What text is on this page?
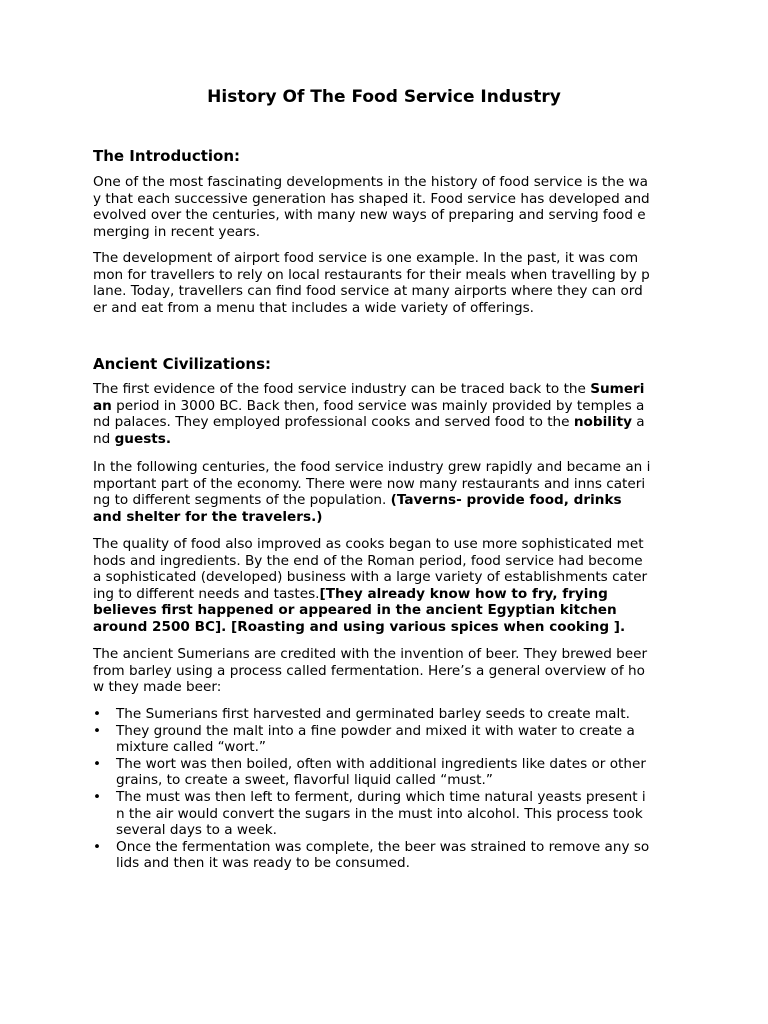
History Of The Food Service Industry
The Introduction:
One of the most fascinating developments in the history of food service is the wa
y that each successive generation has shaped it. Food service has developed and
evolved over the centuries, with many new ways of preparing and serving food e
merging in recent years.
The development of airport food service is one example. In the past, it was com
mon for travellers to rely on local restaurants for their meals when travelling by p
lane. Today, travellers can find food service at many airports where they can ord
er and eat from a menu that includes a wide variety of offerings.
Ancient Civilizations:
The first evidence of the food service industry can be traced back to the Sumeri
an period in 3000 BC. Back then, food service was mainly provided by temples a
nd palaces. They employed professional cooks and served food to the nobility a
nd guests.
In the following centuries, the food service industry grew rapidly and became an i
mportant part of the economy. There were now many restaurants and inns cateri
ng to different segments of the population. (Taverns- provide food, drinks
and shelter for the travelers.)
The quality of food also improved as cooks began to use more sophisticated met
hods and ingredients. By the end of the Roman period, food service had become
a sophisticated (developed) business with a large variety of establishments cater
ing to different needs and tastes.[They already know how to fry, frying
believes first happened or appeared in the ancient Egyptian kitchen
around 2500 BC]. [Roasting and using various spices when cooking ].
The ancient Sumerians are credited with the invention of beer. They brewed beer
from barley using a process called fermentation. Here’s a general overview of ho
w they made beer:
•	The Sumerians first harvested and germinated barley seeds to create malt.
•	They ground the malt into a fine powder and mixed it with water to create a
mixture called “wort.”
•	The wort was then boiled, often with additional ingredients like dates or other
grains, to create a sweet, flavorful liquid called “must.”
•	The must was then left to ferment, during which time natural yeasts present i
n the air would convert the sugars in the must into alcohol. This process took
several days to a week.
•	Once the fermentation was complete, the beer was strained to remove any so
lids and then it was ready to be consumed.
